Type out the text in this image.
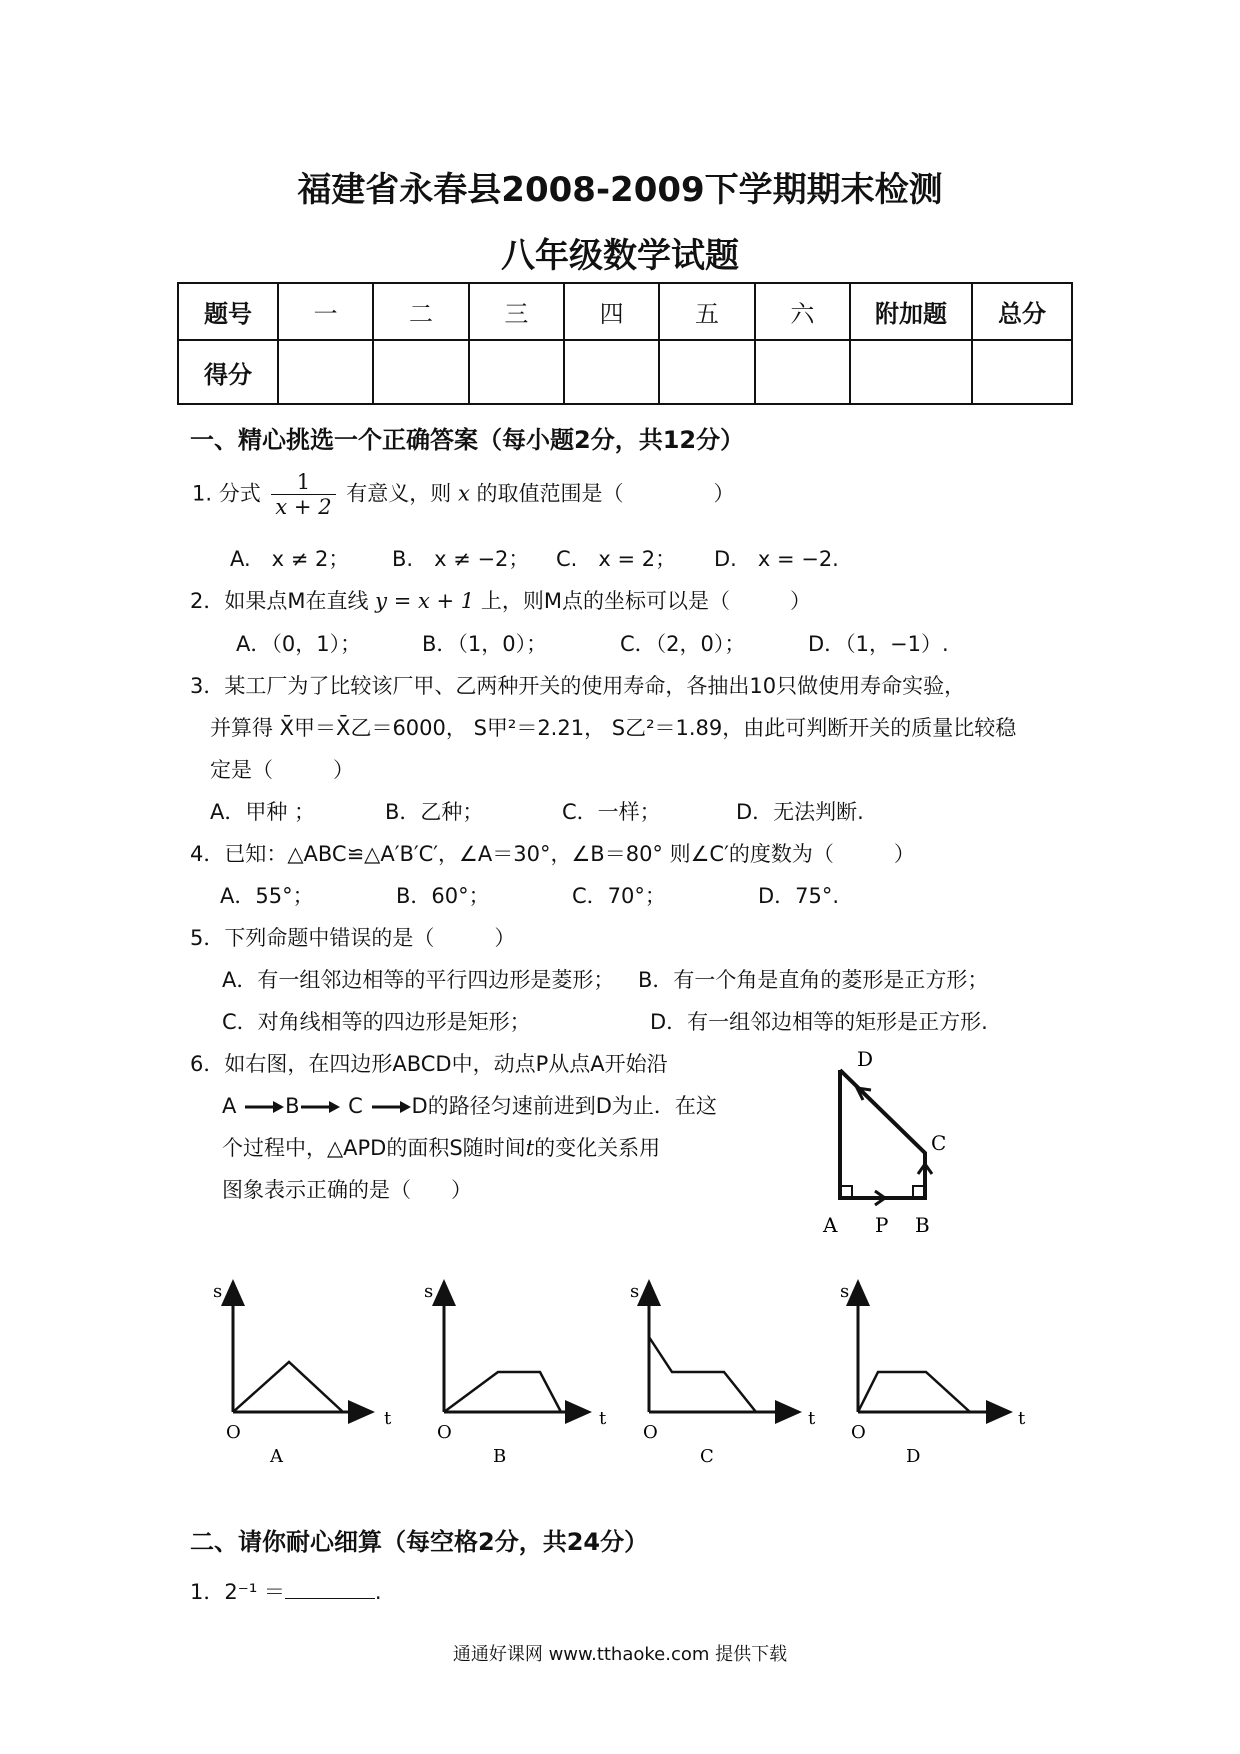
福建省永春县2008-2009下学期期末检测
八年级数学试题
题号	一	二	三	四	五	六	附加题	总分
得分								
一、精心挑选一个正确答案（每小题2分，共12分）
1. 分式 $\frac{1}{x + 2}$ 有意义，则 x 的取值范围是（	）
A.　x ≠ 2； B.　x ≠ −2； C.　x = 2； D.　x = −2.
2．如果点M在直线 y = x + 1 上，则M点的坐标可以是（	）
A．（0，1）；	B．（1，0）；	C．（2，0）；	D．（1，−1）.
3．某工厂为了比较该厂甲、乙两种开关的使用寿命，各抽出10只做使用寿命实验，
并算得 X̄甲＝X̄乙＝6000， S甲²＝2.21， S乙²＝1.89，由此可判断开关的质量比较稳
定是（	）
A．甲种 ；	B．乙种；	C．一样；	D．无法判断.
4．已知：△ABC≌△A′B′C′，∠A＝30°，∠B＝80° 则∠C′的度数为（	）
A．55°；	B．60°；	C．70°；	D．75°.
5．下列命题中错误的是（	）
A．有一组邻边相等的平行四边形是菱形； B．有一个角是直角的菱形是正方形；
C．对角线相等的四边形是矩形；	D．有一组邻边相等的矩形是正方形.
6．如右图，在四边形ABCD中，动点P从点A开始沿
A B C D的路径匀速前进到D为止．在这
个过程中，△APD的面积S随时间t的变化关系用
图象表示正确的是（ ）
D
C
A P B
s
t
O
A
s
t
O
B
s
t
O
C
s
t
O
D
二、请你耐心细算（每空格2分，共24分）
1．2⁻¹ ＝	.
通通好课网 www.tthaoke.com 提供下载
